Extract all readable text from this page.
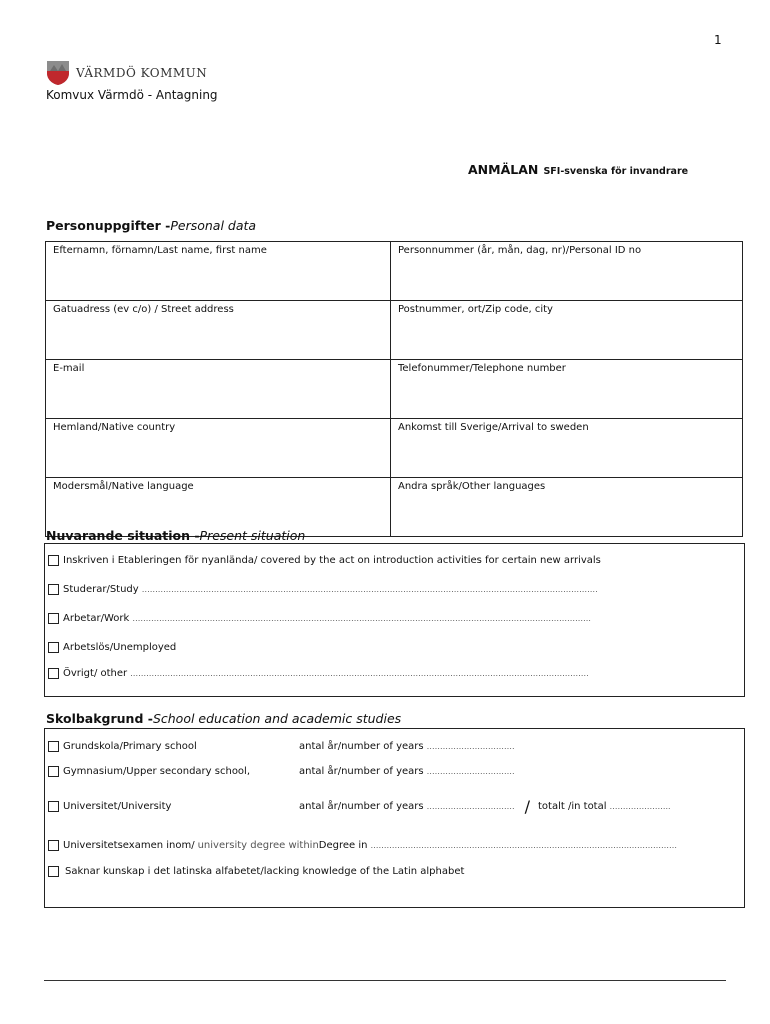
1
VÄRMDÖ KOMMUN
Komvux Värmdö - Antagning
ANMÄLAN SFI-svenska för invandrare
Personuppgifter -Personal data
Efternamn, förnamn/Last name, first name	Personnummer (år, mån, dag, nr)/Personal ID no
Gatuadress (ev c/o) / Street address	Postnummer, ort/Zip code, city
E-mail	Telefonummer/Telephone number
Hemland/Native country	Ankomst till Sverige/Arrival to sweden
Modersmål/Native language	Andra språk/Other languages
Nuvarande situation -Present situation
Inskriven i Etableringen för nyanlända/ covered by the act on introduction activities for certain new arrivals
Studerar/Study ………………………………………………………………………………………………………………………………………………………
Arbetar/Work ……………………………………………………………………………………………………………………………………………………….
Arbetslös/Unemployed
Övrigt/ other ……………………………………………………………………………………………………………………………………………………….
Skolbakgrund -School education and academic studies
Grundskola/Primary school	antal år/number of years ……………………………
Gymnasium/Upper secondary school,	antal år/number of years ……………………………
Universitet/University	antal år/number of years …………………………… / totalt /in total …………………..
Universitetsexamen inom/ university degree within Degree in …………………………………………………………………………………….………………
Saknar kunskap i det latinska alfabetet/lacking knowledge of the Latin alphabet
